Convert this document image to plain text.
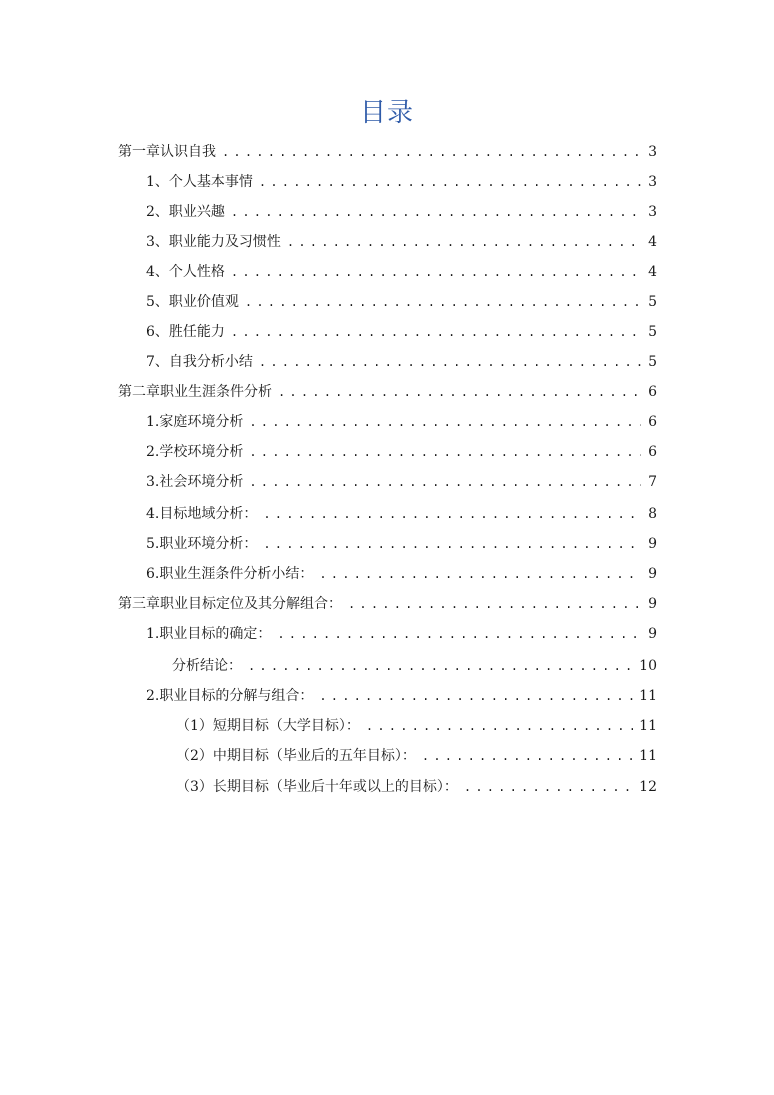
目录
第一章认识自我 .....	3
1、个人基本事情 .....	3
2、职业兴趣 .....	3
3、职业能力及习惯性 .....	4
4、个人性格 .....	4
5、职业价值观 .....	5
6、胜任能力 .....	5
7、自我分析小结 .....	5
第二章职业生涯条件分析 .....	6
1.家庭环境分析 .....	6
2.学校环境分析 .....	6
3.社会环境分析 .....	7
4.目标地域分析： .....	8
5.职业环境分析： .....	9
6.职业生涯条件分析小结： .....	9
第三章职业目标定位及其分解组合： .....	9
1.职业目标的确定： .....	9
分析结论： .....	10
2.职业目标的分解与组合： .....	11
（1）短期目标（大学目标）： .....	11
（2）中期目标（毕业后的五年目标）： .....	11
（3）长期目标（毕业后十年或以上的目标）： .....	12
